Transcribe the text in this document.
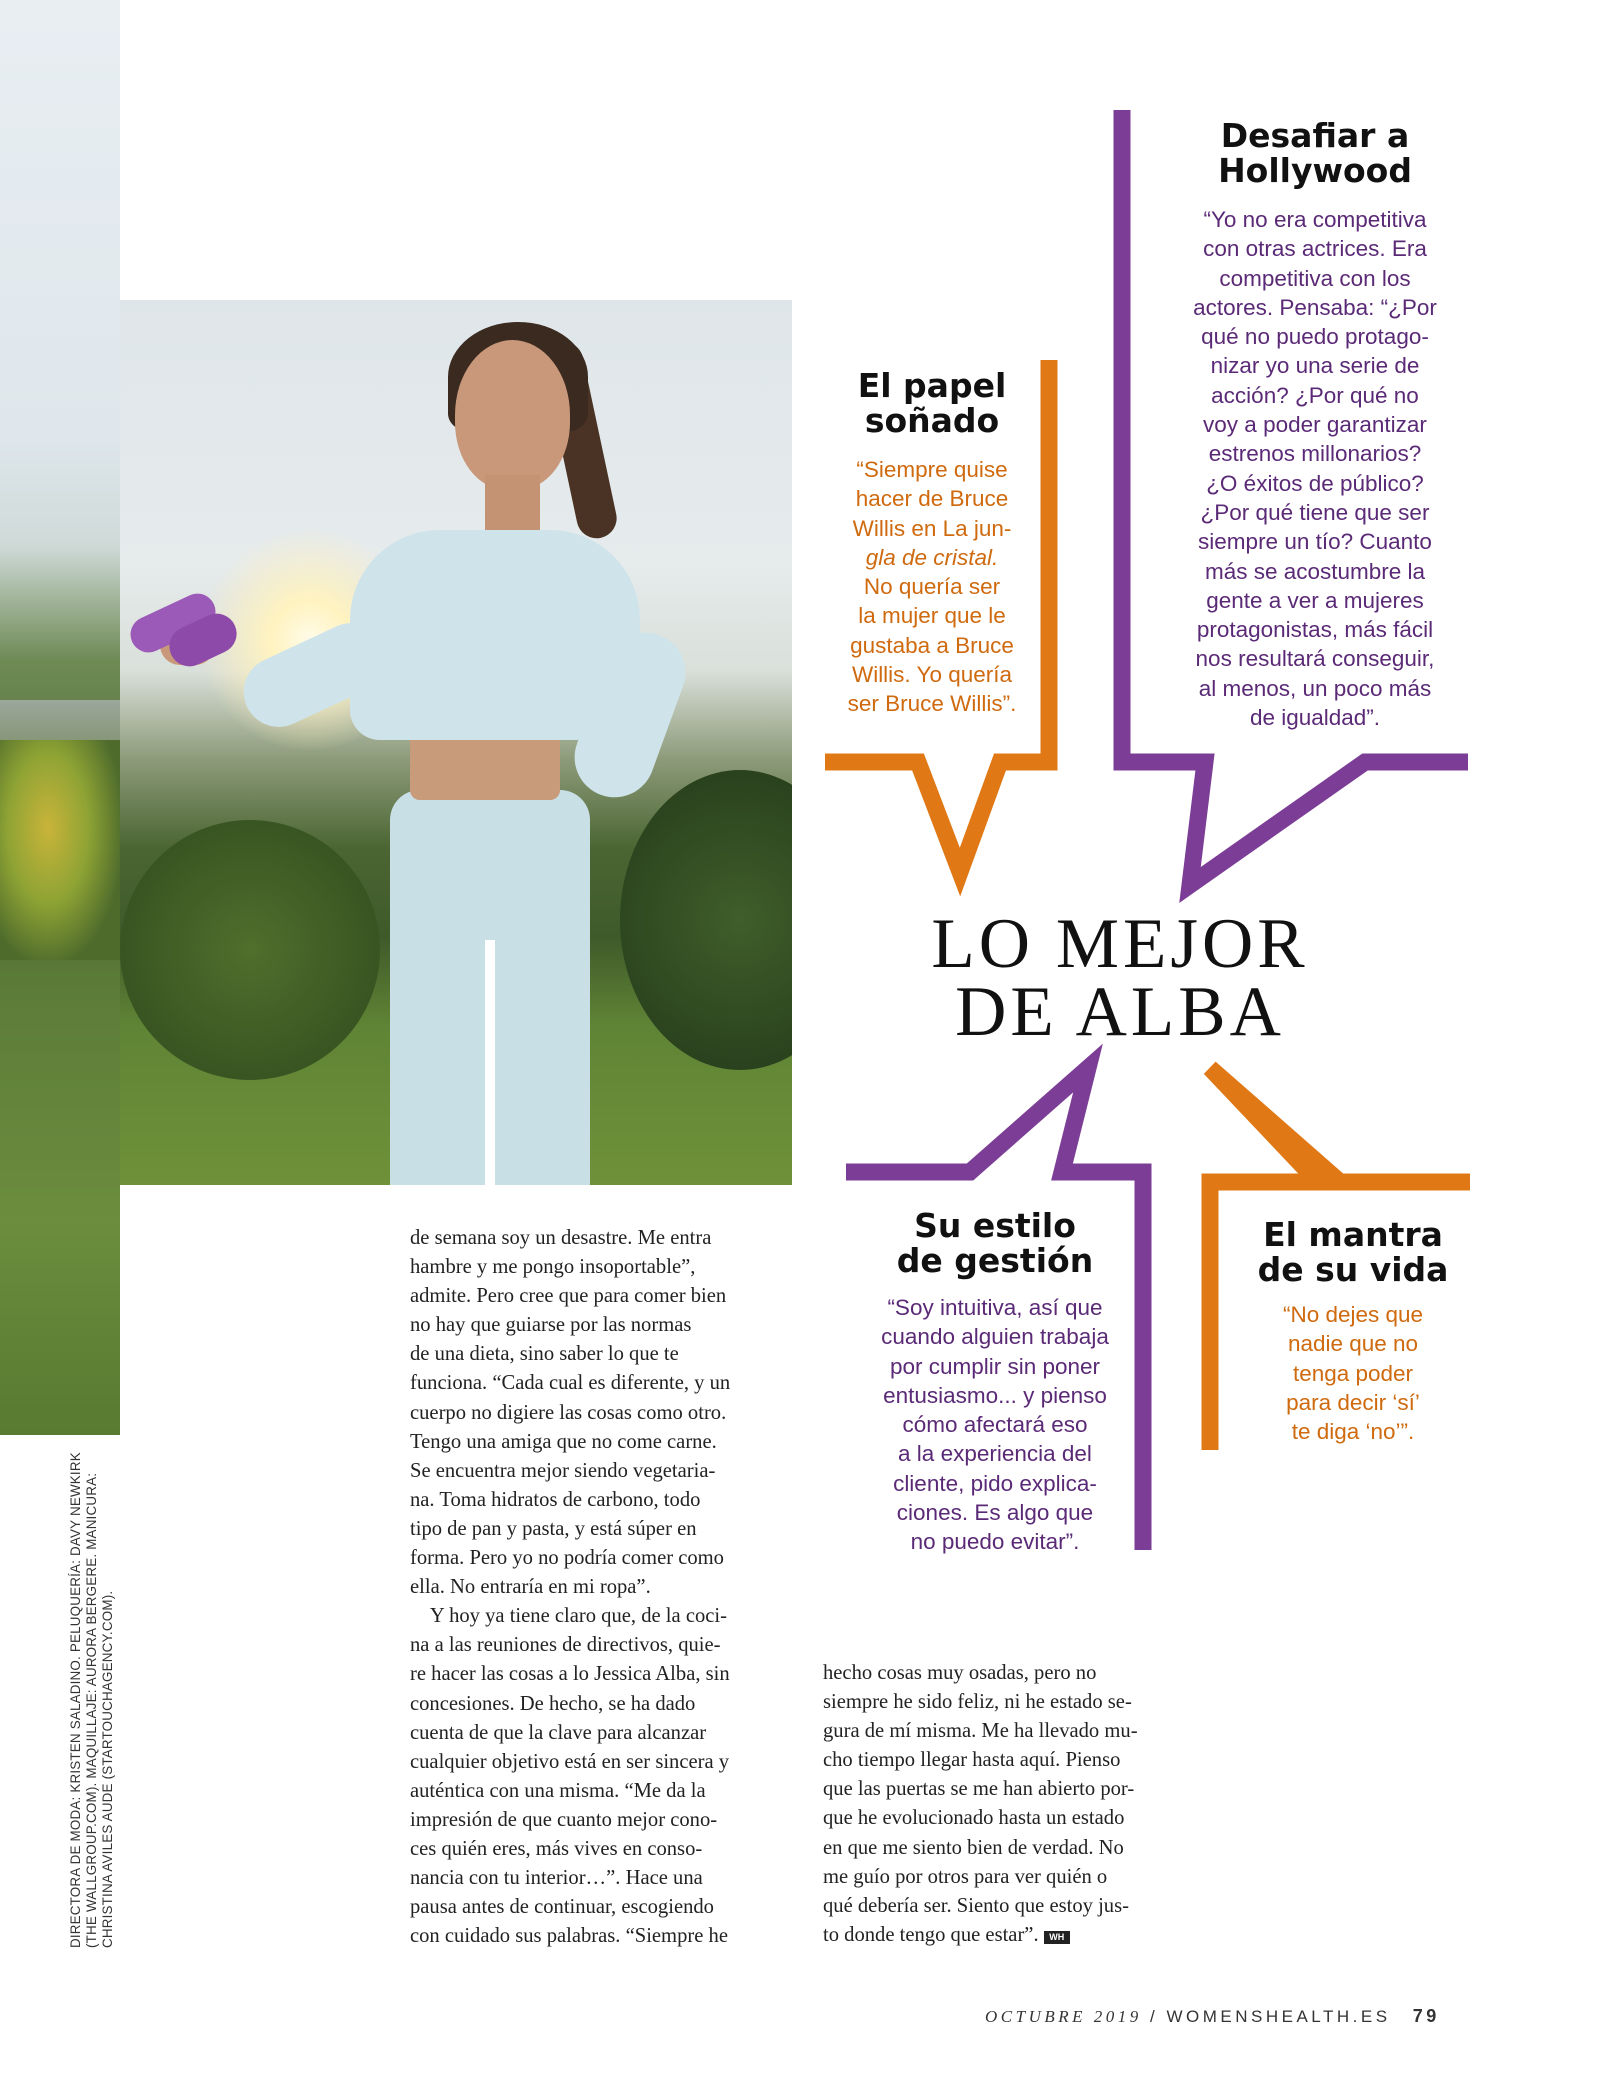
LO MEJOR
DE ALBA
El papel
soñado
“Siempre quise
hacer de Bruce
Willis en La jun-
gla de cristal.
No quería ser
la mujer que le
gustaba a Bruce
Willis. Yo quería
ser Bruce Willis”.
Desafiar a
Hollywood
“Yo no era competitiva
con otras actrices. Era
competitiva con los
actores. Pensaba: “¿Por
qué no puedo protago-
nizar yo una serie de
acción? ¿Por qué no
voy a poder garantizar
estrenos millonarios?
¿O éxitos de público?
¿Por qué tiene que ser
siempre un tío? Cuanto
más se acostumbre la
gente a ver a mujeres
protagonistas, más fácil
nos resultará conseguir,
al menos, un poco más
de igualdad”.
Su estilo
de gestión
“Soy intuitiva, así que
cuando alguien trabaja
por cumplir sin poner
entusiasmo... y pienso
cómo afectará eso
a la experiencia del
cliente, pido explica-
ciones. Es algo que
no puedo evitar”.
El mantra
de su vida
“No dejes que
nadie que no
tenga poder
para decir ‘sí’
te diga ‘no’”.

de semana soy un desastre. Me entra

hambre y me pongo insoportable”,

admite. Pero cree que para comer bien

no hay que guiarse por las normas

de una dieta, sino saber lo que te

funciona. “Cada cual es diferente, y un

cuerpo no digiere las cosas como otro.

Tengo una amiga que no come carne.

Se encuentra mejor siendo vegetaria-

na. Toma hidratos de carbono, todo

tipo de pan y pasta, y está súper en

forma. Pero yo no podría comer como

ella. No entraría en mi ropa”.

Y hoy ya tiene claro que, de la coci-

na a las reuniones de directivos, quie-

re hacer las cosas a lo Jessica Alba, sin

concesiones. De hecho, se ha dado

cuenta de que la clave para alcanzar

cualquier objetivo está en ser sincera y

auténtica con una misma. “Me da la

impresión de que cuanto mejor cono-

ces quién eres, más vives en conso-

nancia con tu interior…”. Hace una

pausa antes de continuar, escogiendo

con cuidado sus palabras. “Siempre he

hecho cosas muy osadas, pero no

siempre he sido feliz, ni he estado se-

gura de mí misma. Me ha llevado mu-

cho tiempo llegar hasta aquí. Pienso

que las puertas se me han abierto por-

que he evolucionado hasta un estado

en que me siento bien de verdad. No

me guío por otros para ver quién o

qué debería ser. Siento que estoy jus-

to donde tengo que estar”. WH

DIRECTORA DE MODA: KRISTEN SALADINO. PELUQUERÍA: DAVY NEWKIRK (THE WALLGROUP.COM). MAQUILLAJE: AURORA BERGERE. MANICURA: CHRISTINA AVILES AUDE (STARTOUCHAGENCY.COM).
OCTUBRE 2019 / WOMENSHEALTH.ES 79
